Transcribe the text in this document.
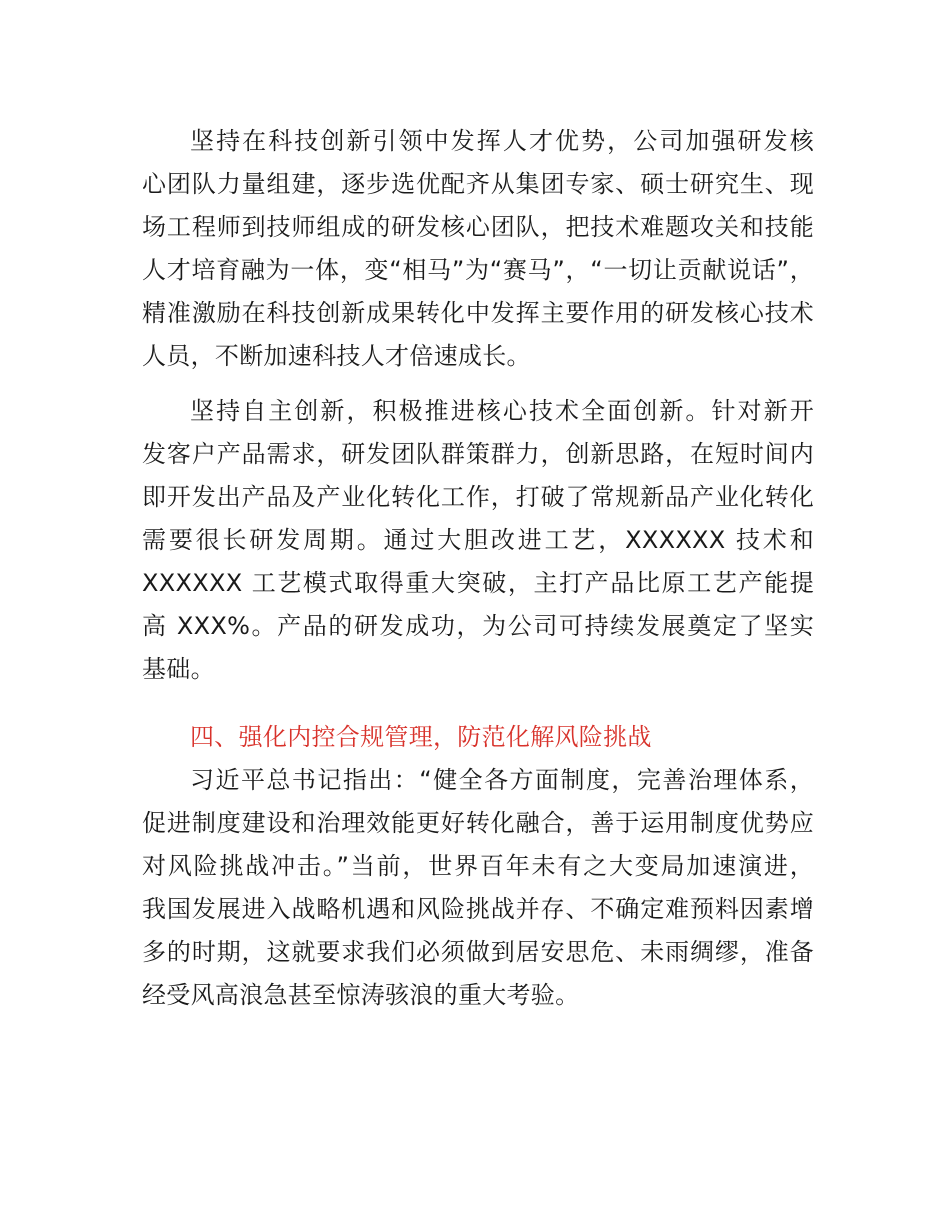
坚持在科技创新引领中发挥人才优势，公司加强研发核
心团队力量组建，逐步选优配齐从集团专家、硕士研究生、现
场工程师到技师组成的研发核心团队，把技术难题攻关和技能
人才培育融为一体，变“相马”为“赛马”，“一切让贡献说话”，
精准激励在科技创新成果转化中发挥主要作用的研发核心技术
人员，不断加速科技人才倍速成长。
坚持自主创新，积极推进核心技术全面创新。针对新开
发客户产品需求，研发团队群策群力，创新思路，在短时间内
即开发出产品及产业化转化工作，打破了常规新品产业化转化
需要很长研发周期。通过大胆改进工艺，XXXXXX 技术和
XXXXXX 工艺模式取得重大突破，主打产品比原工艺产能提
高 XXX%。产品的研发成功，为公司可持续发展奠定了坚实
基础。
四、强化内控合规管理，防范化解风险挑战
习近平总书记指出：“健全各方面制度，完善治理体系，
促进制度建设和治理效能更好转化融合，善于运用制度优势应
对风险挑战冲击。”当前，世界百年未有之大变局加速演进，
我国发展进入战略机遇和风险挑战并存、不确定难预料因素增
多的时期，这就要求我们必须做到居安思危、未雨绸缪，准备
经受风高浪急甚至惊涛骇浪的重大考验。
